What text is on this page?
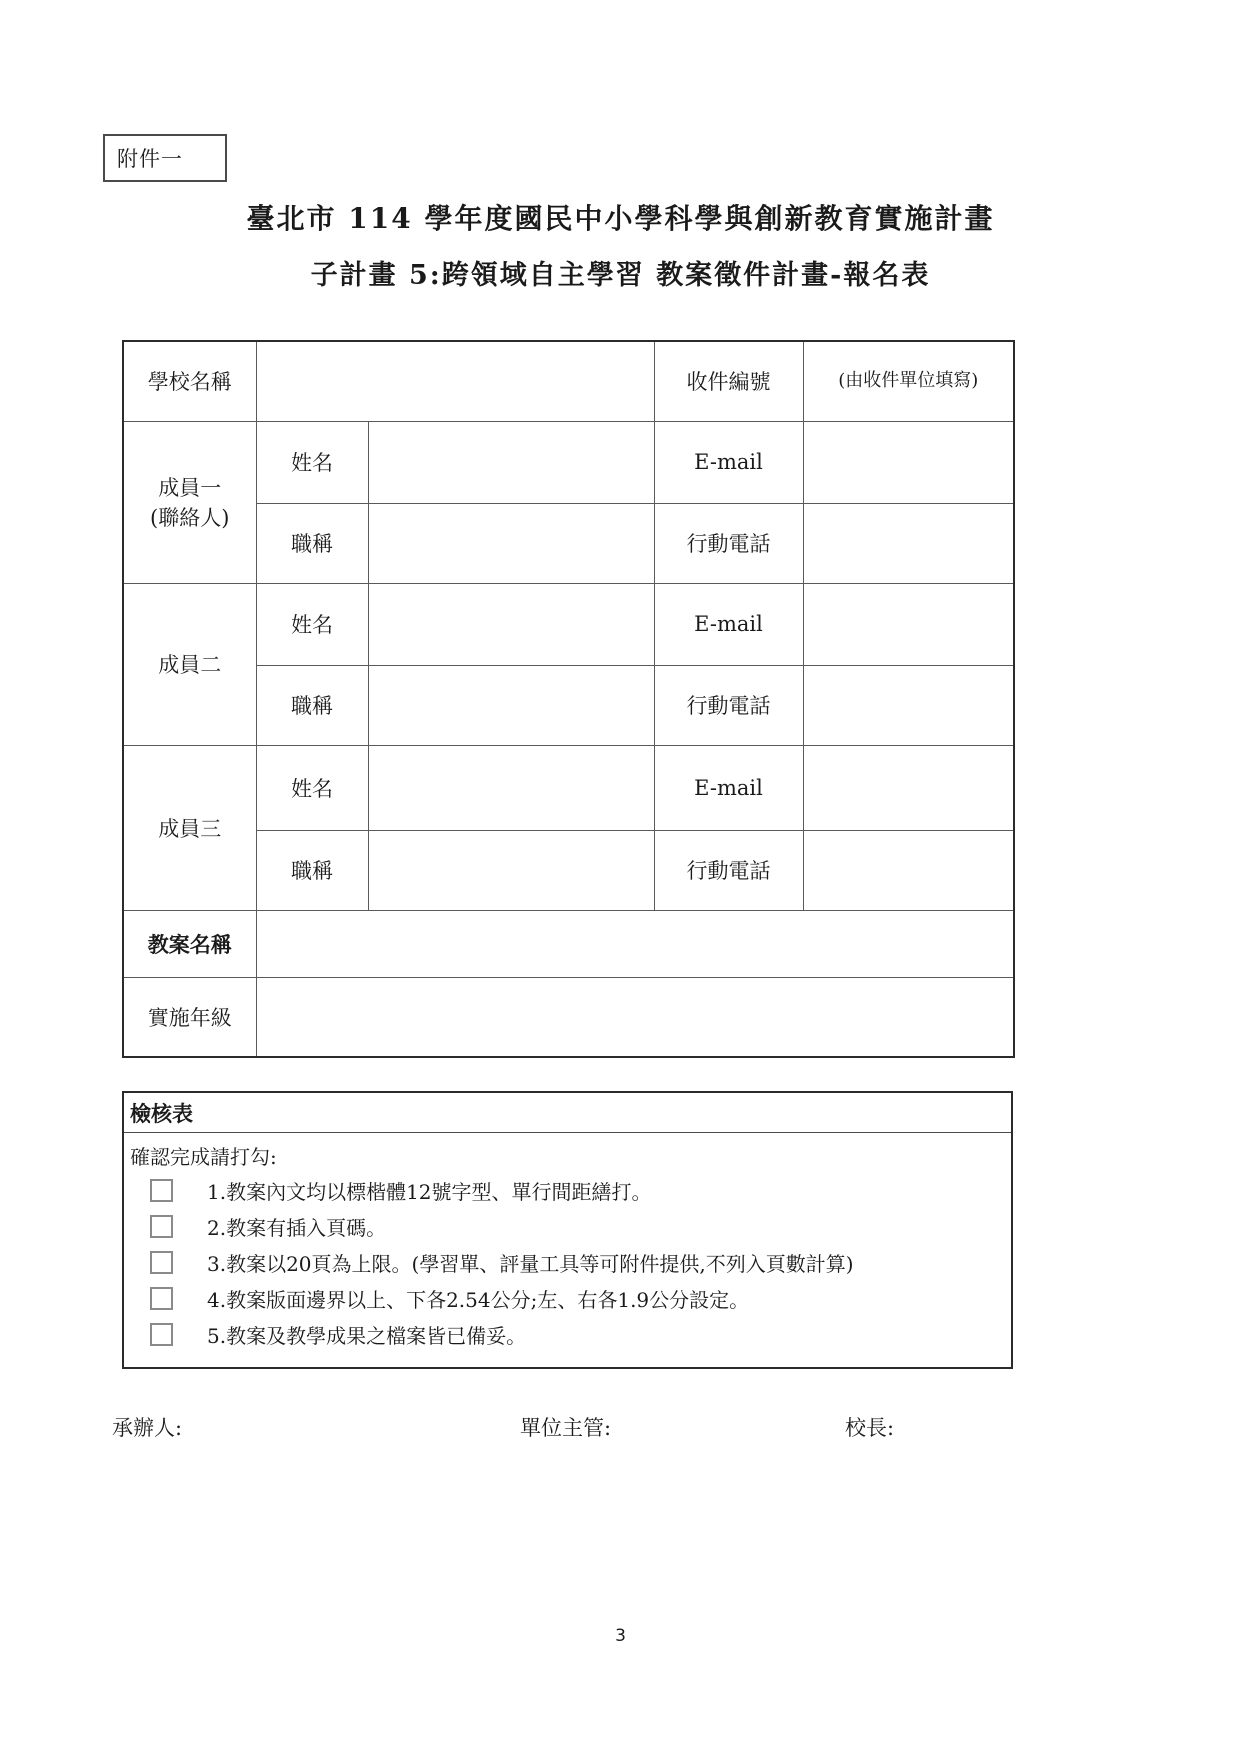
附件一
臺北市 114 學年度國民中小學科學與創新教育實施計畫
子計畫 5:跨領域自主學習 教案徵件計畫-報名表
學校名稱			收件編號	(由收件單位填寫)

成員一
(聯絡人)	姓名		E-mail	
	職稱		行動電話	
成員二	姓名		E-mail	
	職稱		行動電話	
成員三	姓名		E-mail	
	職稱		行動電話	
教案名稱				
實施年級				
檢核表
確認完成請打勾:
1.教案內文均以標楷體12號字型、單行間距繕打。
2.教案有插入頁碼。
3.教案以20頁為上限。(學習單、評量工具等可附件提供,不列入頁數計算)
4.教案版面邊界以上、下各2.54公分;左、右各1.9公分設定。
5.教案及教學成果之檔案皆已備妥。
承辦人:	單位主管:	校長:
3
